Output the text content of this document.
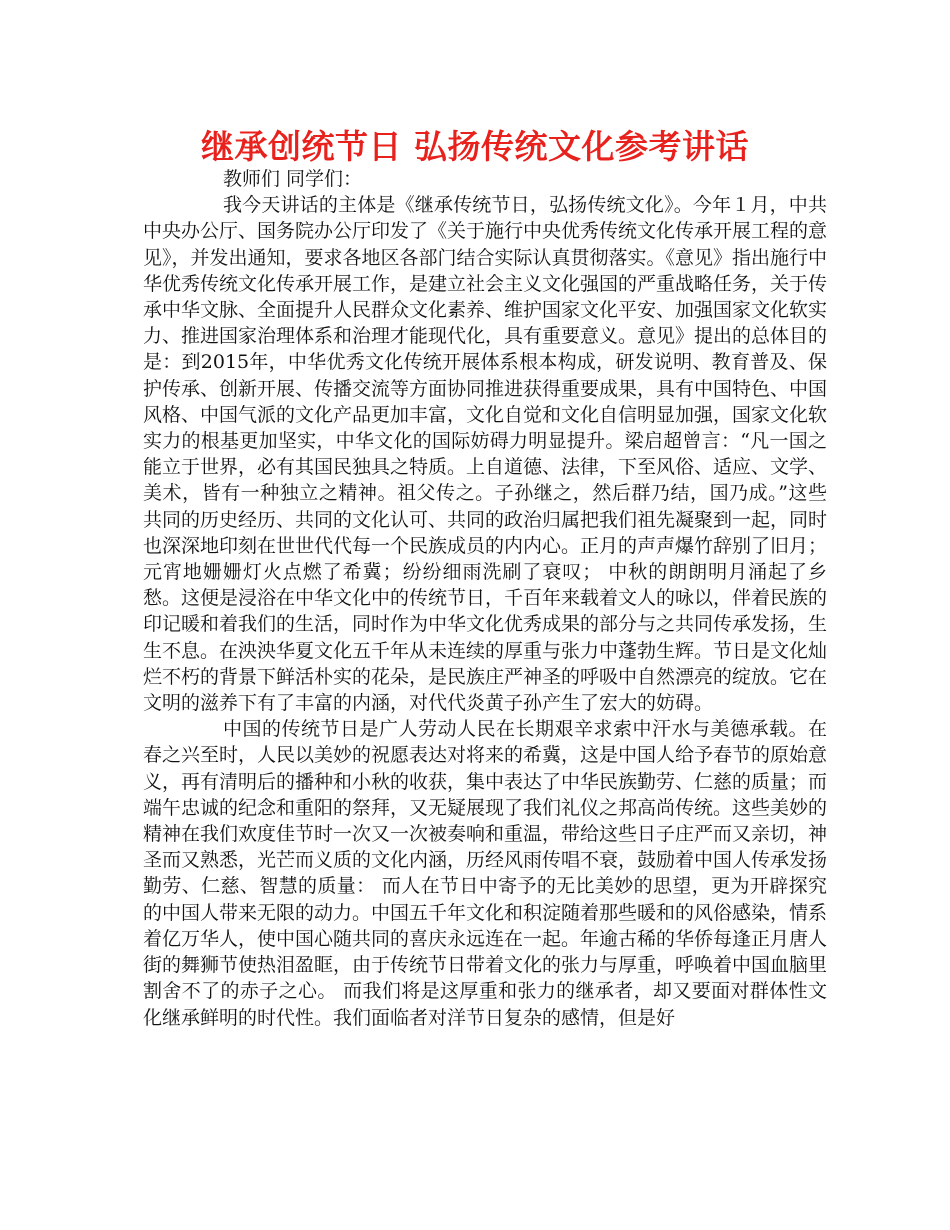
继承创统节日 弘扬传统文化参考讲话

教师们 同学们：

我今天讲话的主体是《继承传统节日，弘扬传统文化》。今年１月，中共中央办公厅、国务院办公厅印发了《关于施行中央优秀传统文化传承开展工程的意见》，并发出通知，要求各地区各部门结合实际认真贯彻落实。《意见》指出施行中华优秀传统文化传承开展工作，是建立社会主义文化强国的严重战略任务，关于传承中华文脉、全面提升人民群众文化素养、维护国家文化平安、加强国家文化软实力、推进国家治理体系和治理才能现代化，具有重要意义。意见》提出的总体目的是：到2015年，中华优秀文化传统开展体系根本构成，研发说明、教育普及、保护传承、创新开展、传播交流等方面协同推进获得重要成果，具有中国特色、中国风格、中国气派的文化产品更加丰富，文化自觉和文化自信明显加强，国家文化软实力的根基更加坚实，中华文化的国际妨碍力明显提升。梁启超曾言：“凡一国之能立于世界，必有其国民独具之特质。上自道德、法律，下至风俗、适应、文学、美术，皆有一种独立之精神。祖父传之。子孙继之，然后群乃结，国乃成。”这些共同的历史经历、共同的文化认可、共同的政治归属把我们祖先凝聚到一起，同时也深深地印刻在世世代代每一个民族成员的内内心。正月的声声爆竹辞别了旧月；元宵地姗姗灯火点燃了希冀；纷纷细雨洗刷了衰叹； 中秋的朗朗明月涌起了乡愁。这便是浸浴在中华文化中的传统节日，千百年来载着文人的咏以，伴着民族的印记暖和着我们的生活，同时作为中华文化优秀成果的部分与之共同传承发扬，生生不息。在泱泱华夏文化五千年从未连续的厚重与张力中蓬勃生辉。节日是文化灿烂不朽的背景下鲜活朴实的花朵，是民族庄严神圣的呼吸中自然漂亮的绽放。它在文明的滋养下有了丰富的内涵，对代代炎黄子孙产生了宏大的妨碍。

中国的传统节日是广人劳动人民在长期艰辛求索中汗水与美德承载。在春之兴至时，人民以美妙的祝愿表达对将来的希冀，这是中国人给予春节的原始意义，再有清明后的播种和小秋的收获，集中表达了中华民族勤劳、仁慈的质量；而端午忠诚的纪念和重阳的祭拜，又无疑展现了我们礼仪之邦高尚传统。这些美妙的精神在我们欢度佳节时一次又一次被奏响和重温，带给这些日子庄严而又亲切，神圣而又熟悉，光芒而义质的文化内涵，历经风雨传唱不衰，鼓励着中国人传承发扬勤劳、仁慈、智慧的质量： 而人在节日中寄予的无比美妙的思望，更为开辟探究的中国人带来无限的动力。中国五千年文化和积淀随着那些暖和的风俗感染，情系着亿万华人，使中国心随共同的喜庆永远连在一起。年逾古稀的华侨每逢正月唐人街的舞狮节使热泪盈眶，由于传统节日带着文化的张力与厚重，呼唤着中国血脑里割舍不了的赤子之心。 而我们将是这厚重和张力的继承者，却又要面对群体性文化继承鲜明的时代性。我们面临者对洋节日复杂的感情，但是好
